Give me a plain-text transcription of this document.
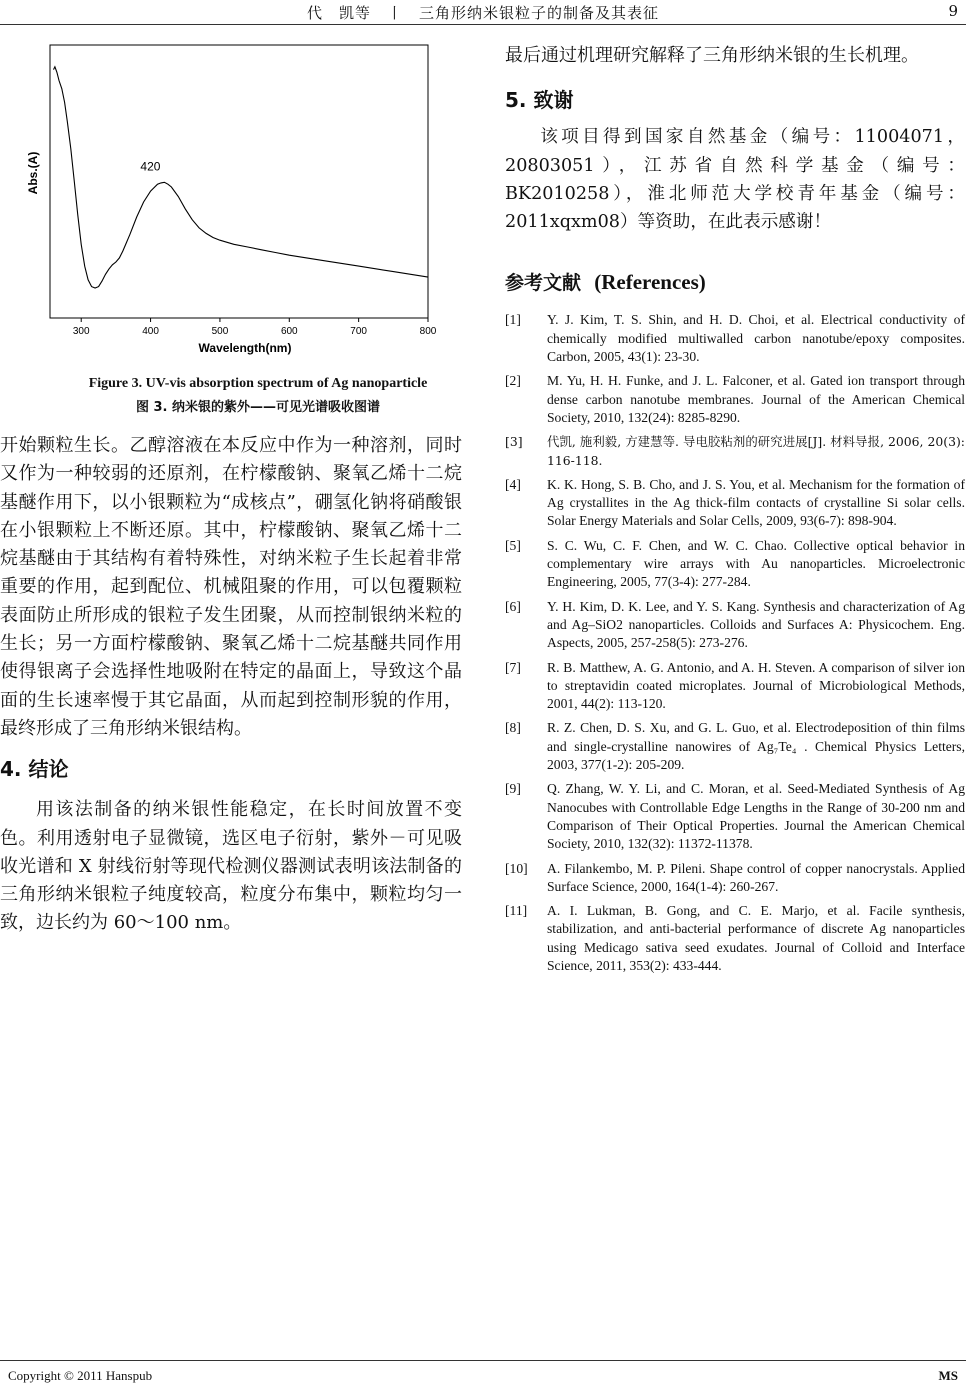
代　凯等　丨　三角形纳米银粒子的制备及其表征	9
300	400	500	600	700	800
Wavelength(nm)
Abs.(A)	420
Figure 3. UV-vis absorption spectrum of Ag nanoparticle
图 3. 纳米银的紫外——可见光谱吸收图谱

开始颗粒生长。乙醇溶液在本反应中作为一种溶剂，同时又作为一种较弱的还原剂，在柠檬酸钠、聚氧乙烯十二烷基醚作用下，以小银颗粒为“成核点”，硼氢化钠将硝酸银在小银颗粒上不断还原。其中，柠檬酸钠、聚氧乙烯十二烷基醚由于其结构有着特殊性，对纳米粒子生长起着非常重要的作用，起到配位、机械阻聚的作用，可以包覆颗粒表面防止所形成的银粒子发生团聚，从而控制银纳米粒的生长；另一方面柠檬酸钠、聚氧乙烯十二烷基醚共同作用使得银离子会选择性地吸附在特定的晶面上，导致这个晶面的生长速率慢于其它晶面，从而起到控制形貌的作用，最终形成了三角形纳米银结构。

4. 结论

用该法制备的纳米银性能稳定，在长时间放置不变色。利用透射电子显微镜，选区电子衍射，紫外－可见吸收光谱和 X 射线衍射等现代检测仪器测试表明该法制备的三角形纳米银粒子纯度较高，粒度分布集中，颗粒均匀一致，边长约为 60～100 nm。

最后通过机理研究解释了三角形纳米银的生长机理。

5. 致谢

该项目得到国家自然基金（编号：11004071，20803051），江苏省自然科学基金（编号：BK2010258），淮北师范大学校青年基金（编号：2011xqxm08）等资助，在此表示感谢！

参考文献 (References)
[1] Y. J. Kim, T. S. Shin, and H. D. Choi, et al. Electrical conductivity of chemically modified multiwalled carbon nanotube/epoxy composites. Carbon, 2005, 43(1): 23-30.
[2] M. Yu, H. H. Funke, and J. L. Falconer, et al. Gated ion transport through dense carbon nanotube membranes. Journal of the American Chemical Society, 2010, 132(24): 8285-8290.
[3] 代凯, 施利毅, 方建慧等. 导电胶粘剂的研究进展[J]. 材料导报, 2006, 20(3): 116-118.
[4] K. K. Hong, S. B. Cho, and J. S. You, et al. Mechanism for the formation of Ag crystallites in the Ag thick-film contacts of crystalline Si solar cells. Solar Energy Materials and Solar Cells, 2009, 93(6-7): 898-904.
[5] S. C. Wu, C. F. Chen, and W. C. Chao. Collective optical behavior in complementary wire arrays with Au nanoparticles. Microelectronic Engineering, 2005, 77(3-4): 277-284.
[6] Y. H. Kim, D. K. Lee, and Y. S. Kang. Synthesis and characterization of Ag and Ag–SiO2 nanoparticles. Colloids and Surfaces A: Physicochem. Eng. Aspects, 2005, 257-258(5): 273-276.
[7] R. B. Matthew, A. G. Antonio, and A. H. Steven. A comparison of silver ion to streptavidin coated microplates. Journal of Microbiological Methods, 2001, 44(2): 113-120.
[8] R. Z. Chen, D. S. Xu, and G. L. Guo, et al. Electrodeposition of thin films and single-crystalline nanowires of Ag₇Te₄ . Chemical Physics Letters, 2003, 377(1-2): 205-209.
[9] Q. Zhang, W. Y. Li, and C. Moran, et al. Seed-Mediated Synthesis of Ag Nanocubes with Controllable Edge Lengths in the Range of 30-200 nm and Comparison of Their Optical Properties. Journal the American Chemical Society, 2010, 132(32): 11372-11378.
[10] A. Filankembo, M. P. Pileni. Shape control of copper nanocrystals. Applied Surface Science, 2000, 164(1-4): 260-267.
[11] A. I. Lukman, B. Gong, and C. E. Marjo, et al. Facile synthesis, stabilization, and anti-bacterial performance of discrete Ag nanoparticles using Medicago sativa seed exudates. Journal of Colloid and Interface Science, 2011, 353(2): 433-444.
Copyright © 2011 Hanspub	MS
